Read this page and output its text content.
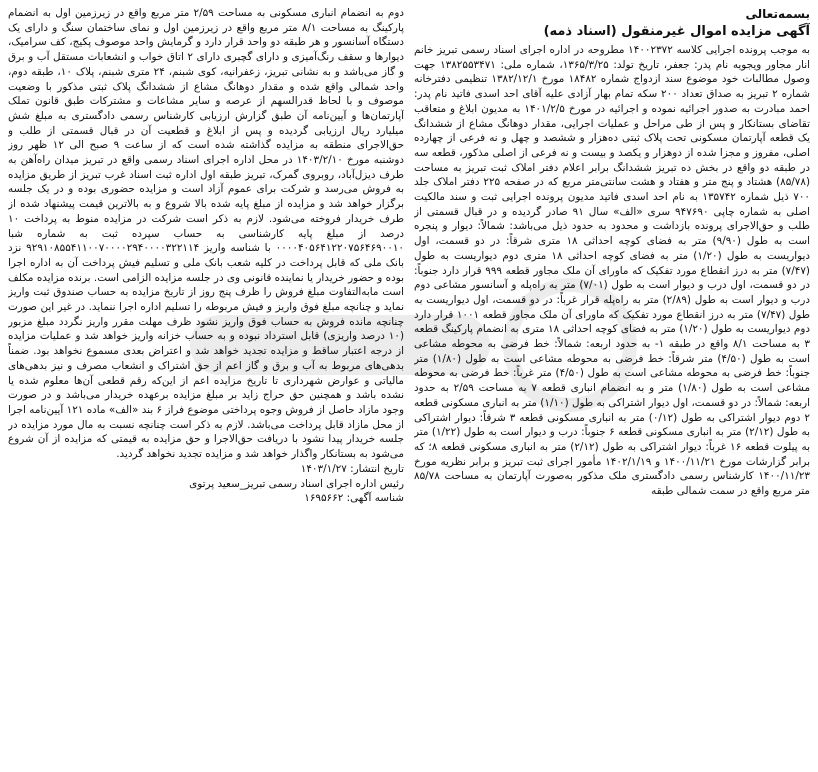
بسمه‌تعالی
آگهی مزایده اموال غیرمنقول (اسناد ذمه)

به موجب پرونده اجرایی کلاسه ۱۴۰۰۲۳۷۲ مطروحه در اداره اجرای اسناد رسمی تبریز خانم انار مجاور ویجویه نام پدر: جعفر، تاریخ تولد: ۱۳۶۵/۳/۲۵، شماره ملی: ۱۳۸۲۵۵۳۴۷۱ جهت وصول مطالبات خود موضوع سند ازدواج شماره ۱۸۴۸۲ مورخ ۱۳۸۲/۱۲/۱ تنظیمی دفترخانه شماره ۲ تبریز به صداق تعداد ۲۰۰ سکه تمام بهار آزادی علیه آقای احد اسدی فاتید نام پدر: احمد مبادرت به صدور اجرائیه نموده و اجرائیه در مورخ ۱۴۰۱/۲/۵ به مدیون ابلاغ و متعاقب تقاضای بستانکار و پس از طی مراحل و عملیات اجرایی، مقدار دوهانگ مشاع از ششدانگ یک قطعه آپارتمان مسکونی تحت پلاک ثبتی ده‌هزار و ششصد و چهل و نه فرعی از چهارده اصلی، مفروز و مجزا شده از دوهزار و یکصد و بیست و نه فرعی از اصلی مذکور، قطعه سه در طبقه دو واقع در بخش ده تبریز ششدانگ برابر اعلام دفتر املاک ثبت تبریز به مساحت (۸۵/۷۸) هشتاد و پنج متر و هفتاد و هشت سانتی‌متر مربع که در صفحه ۲۲۵ دفتر املاک جلد ۷۰۰ ذیل شماره ۱۳۵۷۴۲ به نام احد اسدی فاتید مدیون پرونده اجرایی ثبت و سند مالکیت اصلی به شماره چاپی ۹۴۷۶۹۰ سری «الف» سال ۹۱ صادر گردیده و در قبال قسمتی از طلب و حق‌الاجرای پرونده بازداشت و محدود به حدود ذیل می‌باشد: شمالاً: دیوار و پنجره است به طول (۹/۹۰) متر به فضای کوچه احداثی ۱۸ متری شرقاً: در دو قسمت، اول دیواریست به طول (۱/۲۰) متر به فضای کوچه احداثی ۱۸ متری دوم دیواریست به طول (۷/۴۷) متر به درز انقطاع مورد تفکیک که ماورای آن ملک مجاور قطعه ۹۹۹ قرار دارد جنوباً: در دو قسمت، اول درب و دیوار است به طول (۷/۰۱) متر به راه‌پله و آسانسور مشاعی دوم درب و دیوار است به طول (۲/۸۹) متر به راه‌پله قرار غرباً: در دو قسمت، اول دیواریست به طول (۷/۴۷) متر به درز انقطاع مورد تفکیک که ماورای آن ملک مجاور قطعه ۱۰۰۱ قرار دارد دوم دیواریست به طول (۱/۲۰) متر به فضای کوچه احداثی ۱۸ متری به انضمام پارکینگ قطعه ۳ به مساحت ۸/۱ واقع در طبقه ۱- به حدود اربعه: شمالاً: خط فرضی به محوطه مشاعی است به طول (۴/۵۰) متر شرقاً: خط فرضی به محوطه مشاعی است به طول (۱/۸۰) متر جنوباً: خط فرضی به محوطه مشاعی است به طول (۴/۵۰) متر غرباً: خط فرضی به محوطه مشاعی است به طول (۱/۸۰) متر و به انضمام انباری قطعه ۷ به مساحت ۲/۵۹ به حدود اربعه: شمالاً: در دو قسمت، اول دیوار اشتراکی به طول (۱/۱۰) متر به انباری مسکونی قطعه ۲ دوم دیوار اشتراکی به طول (۰/۱۲) متر به انباری مسکونی قطعه ۳ شرقاً: دیوار اشتراکی به طول (۲/۱۲) متر به انباری مسکونی قطعه ۶ جنوباً: درب و دیوار است به طول (۱/۲۲) متر به پیلوت قطعه ۱۶ غرباً: دیوار اشتراکی به طول (۲/۱۲) متر به انباری مسکونی قطعه ۸؛ که برابر گزارشات مورخ ۱۴۰۰/۱۱/۲۱ و ۱۴۰۲/۱/۱۹ مأمور اجرای ثبت تبریز و برابر نظریه مورخ ۱۴۰۰/۱۱/۲۳ کارشناس رسمی دادگستری ملک مذکور به‌صورت آپارتمان به مساحت ۸۵/۷۸ متر مربع واقع در سمت شمالی طبقه

دوم به انضمام انباری مسکونی به مساحت ۲/۵۹ متر مربع واقع در زیرزمین اول به انضمام پارکینگ به مساحت ۸/۱ متر مربع واقع در زیرزمین اول و نمای ساختمان سنگ و دارای یک دستگاه آسانسور و هر طبقه دو واحد قرار دارد و گرمایش واحد موصوف پکیج، کف سرامیک، دیوارها و سقف رنگ‌آمیزی و دارای گچبری دارای ۲ اتاق خواب و انشعابات مستقل آب و برق و گاز می‌باشد و به نشانی تبریز، زعفرانیه، کوی شبنم، ۲۴ متری شبنم، پلاک ۱۰، طبقه دوم، واحد شمالی واقع شده و مقدار دوهانگ مشاع از ششدانگ پلاک ثبتی مذکور با وضعیت موصوف و با لحاظ قدرالسهم از عرصه و سایر مشاعات و مشترکات طبق قانون تملک آپارتمان‌ها و آیین‌نامه آن طبق گزارش ارزیابی کارشناس رسمی دادگستری به مبلغ شش میلیارد ریال ارزیابی گردیده و پس از ابلاغ و قطعیت آن در قبال قسمتی از طلب و حق‌الاجرای منطقه به مزایده گذاشته شده است که از ساعت ۹ صبح الی ۱۲ ظهر روز دوشنبه مورخ ۱۴۰۳/۲/۱۰ در محل اداره اجرای اسناد رسمی واقع در تبریز میدان راه‌آهن به طرف دیزل‌آباد، روبروی گمرک، تبریز طبقه اول اداره ثبت اسناد غرب تبریز از طریق مزایده به فروش می‌رسد و شرکت برای عموم آزاد است و مزایده حضوری بوده و در یک جلسه برگزار خواهد شد و مزایده از مبلغ پایه شده بالا شروع و به بالاترین قیمت پیشنهاد شده از طرف خریدار فروخته می‌شود. لازم به ذکر است شرکت در مزایده منوط به پرداخت ۱۰ درصد از مبلغ پایه کارشناسی به حساب سپرده ثبت به شماره شبا ۰۰۰۰۴۰۵۶۴۱۲۲۰۷۵۶۴۶۹۰۰۱۰ با شناسه واریز ۹۲۹۱۰۸۵۵۴۱۱۰۰۷۰۰۰۰۲۹۴۰۰۰۰۳۲۲۱۱۴ نزد بانک ملی که قابل پرداخت در کلیه شعب بانک ملی و تسلیم فیش پرداخت آن به اداره اجرا بوده و حضور خریدار یا نماینده قانونی وی در جلسه مزایده الزامی است. برنده مزایده مکلف است مابه‌التفاوت مبلغ فروش را ظرف پنج روز از تاریخ مزایده به حساب صندوق ثبت واریز نماید و چنانچه مبلغ فوق واریز و فیش مربوطه را تسلیم اداره اجرا ننماید. در غیر این صورت چنانچه مانده فروش به حساب فوق واریز نشود ظرف مهلت مقرر واریز نگردد مبلغ مزبور (۱۰ درصد واریزی) قابل استرداد نبوده و به حساب خزانه واریز خواهد شد و عملیات مزایده از درجه اعتبار ساقط و مزایده تجدید خواهد شد و اعتراض بعدی مسموع نخواهد بود. ضمناً بدهی‌های مربوط به آب و برق و گاز اعم از حق اشتراک و انشعاب مصرف و نیز بدهی‌های مالیاتی و عوارض شهرداری تا تاریخ مزایده اعم از این‌که رقم قطعی آن‌ها معلوم شده یا نشده باشد و همچنین حق حراج زاید بر مبلغ مزایده برعهده خریدار می‌باشد و در صورت وجود مازاد حاصل از فروش وجوه پرداختی موضوع فراز ۶ بند «الف» ماده ۱۲۱ آیین‌نامه اجرا از محل مازاد قابل پرداخت می‌باشد. لازم به ذکر است چنانچه نسبت به مال مورد مزایده در جلسه خریدار پیدا نشود با دریافت حق‌الاجرا و حق مزایده به قیمتی که مزایده از آن شروع می‌شود به بستانکار واگذار خواهد شد و مزایده تجدید نخواهد گردید.

تاریخ انتشار: ۱۴۰۳/۱/۲۷

رئیس اداره اجرای اسناد رسمی تبریز_سعید پرتوی

شناسه آگهی: ۱۶۹۵۶۶۲
